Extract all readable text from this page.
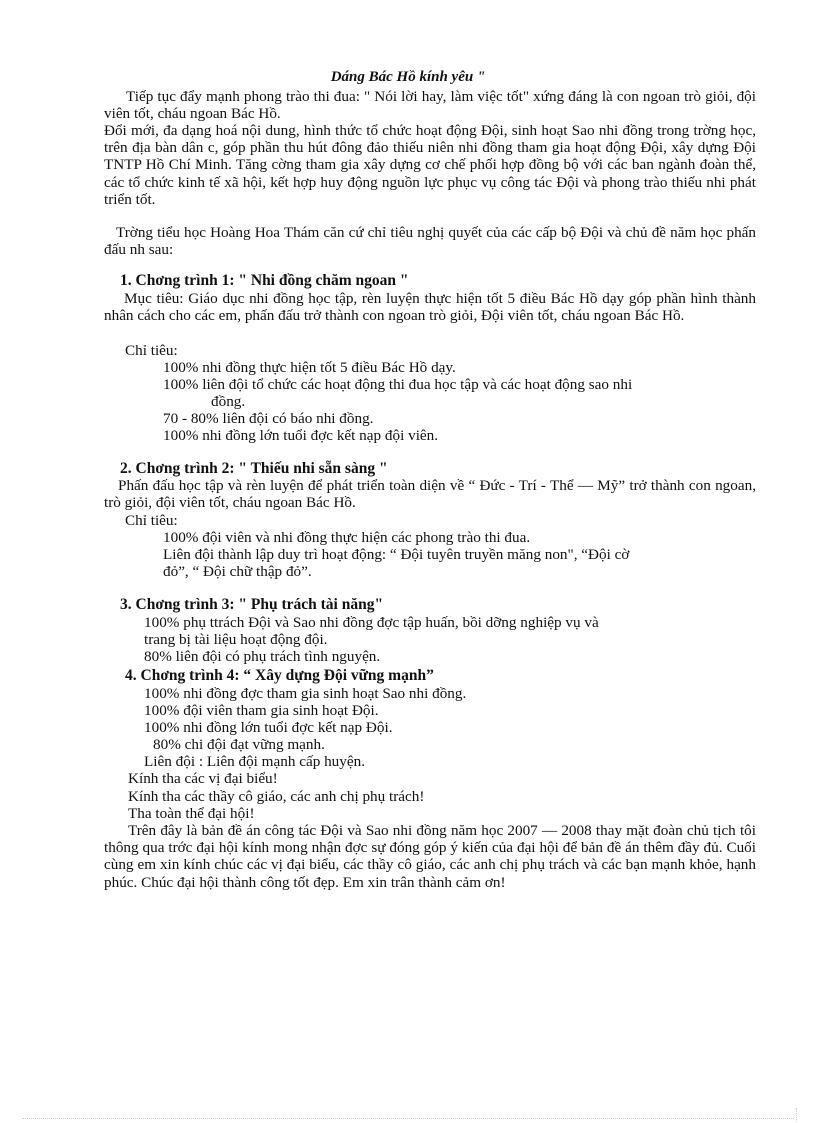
Dáng Bác Hồ kính yêu "

Tiếp tục đẩy mạnh phong trào thi đua: " Nói lời hay, làm việc tốt" xứng đáng là con ngoan trò giỏi, đội viên tốt, cháu ngoan Bác Hồ.

Đổi mới, đa dạng hoá nội dung, hình thức tổ chức hoạt động Đội, sinh hoạt Sao nhi đồng trong trờng học, trên địa bàn dân c, góp phần thu hút đông đảo thiếu niên nhi đồng tham gia hoạt động Đội, xây dựng Đội TNTP Hồ Chí Minh. Tăng cờng tham gia xây dựng cơ chế phối hợp đồng bộ với các ban ngành đoàn thể, các tổ chức kinh tế xã hội, kết hợp huy động nguồn lực phục vụ công tác Đội và phong trào thiếu nhi phát triển tốt.

Trờng tiểu học Hoàng Hoa Thám căn cứ chỉ tiêu nghị quyết của các cấp bộ Đội và chủ đề năm học phấn đấu nh sau:

1. Chơng trình 1: " Nhi đồng chăm ngoan "

Mục tiêu: Giáo dục nhi đồng học tập, rèn luyện thực hiện tốt 5 điều Bác Hồ dạy góp phần hình thành nhân cách cho các em, phấn đấu trở thành con ngoan trò giỏi, Đội viên tốt, cháu ngoan Bác Hồ.

Chỉ tiêu:
100% nhi đồng thực hiện tốt 5 điều Bác Hồ dạy.
100% liên đội tổ chức các hoạt động thi đua học tập và các hoạt động sao nhi
đồng.
70 - 80% liên đội có báo nhi đồng.
100% nhi đồng lớn tuổi đợc kết nạp đội viên.
2. Chơng trình 2: " Thiếu nhi sẵn sàng "

Phấn đấu học tập và rèn luyện để phát triển toàn diện về “ Đức - Trí - Thể — Mỹ” trở thành con ngoan, trò giỏi, đội viên tốt, cháu ngoan Bác Hồ.

Chỉ tiêu:
100% đội viên và nhi đồng thực hiện các phong trào thi đua.
Liên đội thành lập duy trì hoạt động: “ Đội tuyên truyền măng non", “Đội cờ
đỏ”, “ Đội chữ thập đỏ”.
3. Chơng trình 3: " Phụ trách tài năng"
100% phụ ttrách Đội và Sao nhi đồng đợc tập huấn, bồi dỡng nghiệp vụ và
trang bị tài liệu hoạt động đội.
80% liên đội có phụ trách tình nguyện.
4. Chơng trình 4: “ Xây dựng Đội vững mạnh”
100% nhi đồng đợc tham gia sinh hoạt Sao nhi đồng.
100% đội viên tham gia sinh hoạt Đội.
100% nhi đồng lớn tuổi đợc kết nạp Đội.
80% chi đội đạt vững mạnh.
Liên đội : Liên đội mạnh cấp huyện.
Kính tha các vị đại biểu!
Kính tha các thầy cô giáo, các anh chị phụ trách!
Tha toàn thể đại hội!

Trên đây là bản đề án công tác Đội và Sao nhi đồng năm học 2007 — 2008 thay mặt đoàn chủ tịch tôi thông qua trớc đại hội kính mong nhận đợc sự đóng góp ý kiến của đại hội để bản đề án thêm đầy đủ. Cuối cùng em xin kính chúc các vị đại biểu, các thầy cô giáo, các anh chị phụ trách và các bạn mạnh khỏe, hạnh phúc. Chúc đại hội thành công tốt đẹp. Em xin trân thành cảm ơn!
